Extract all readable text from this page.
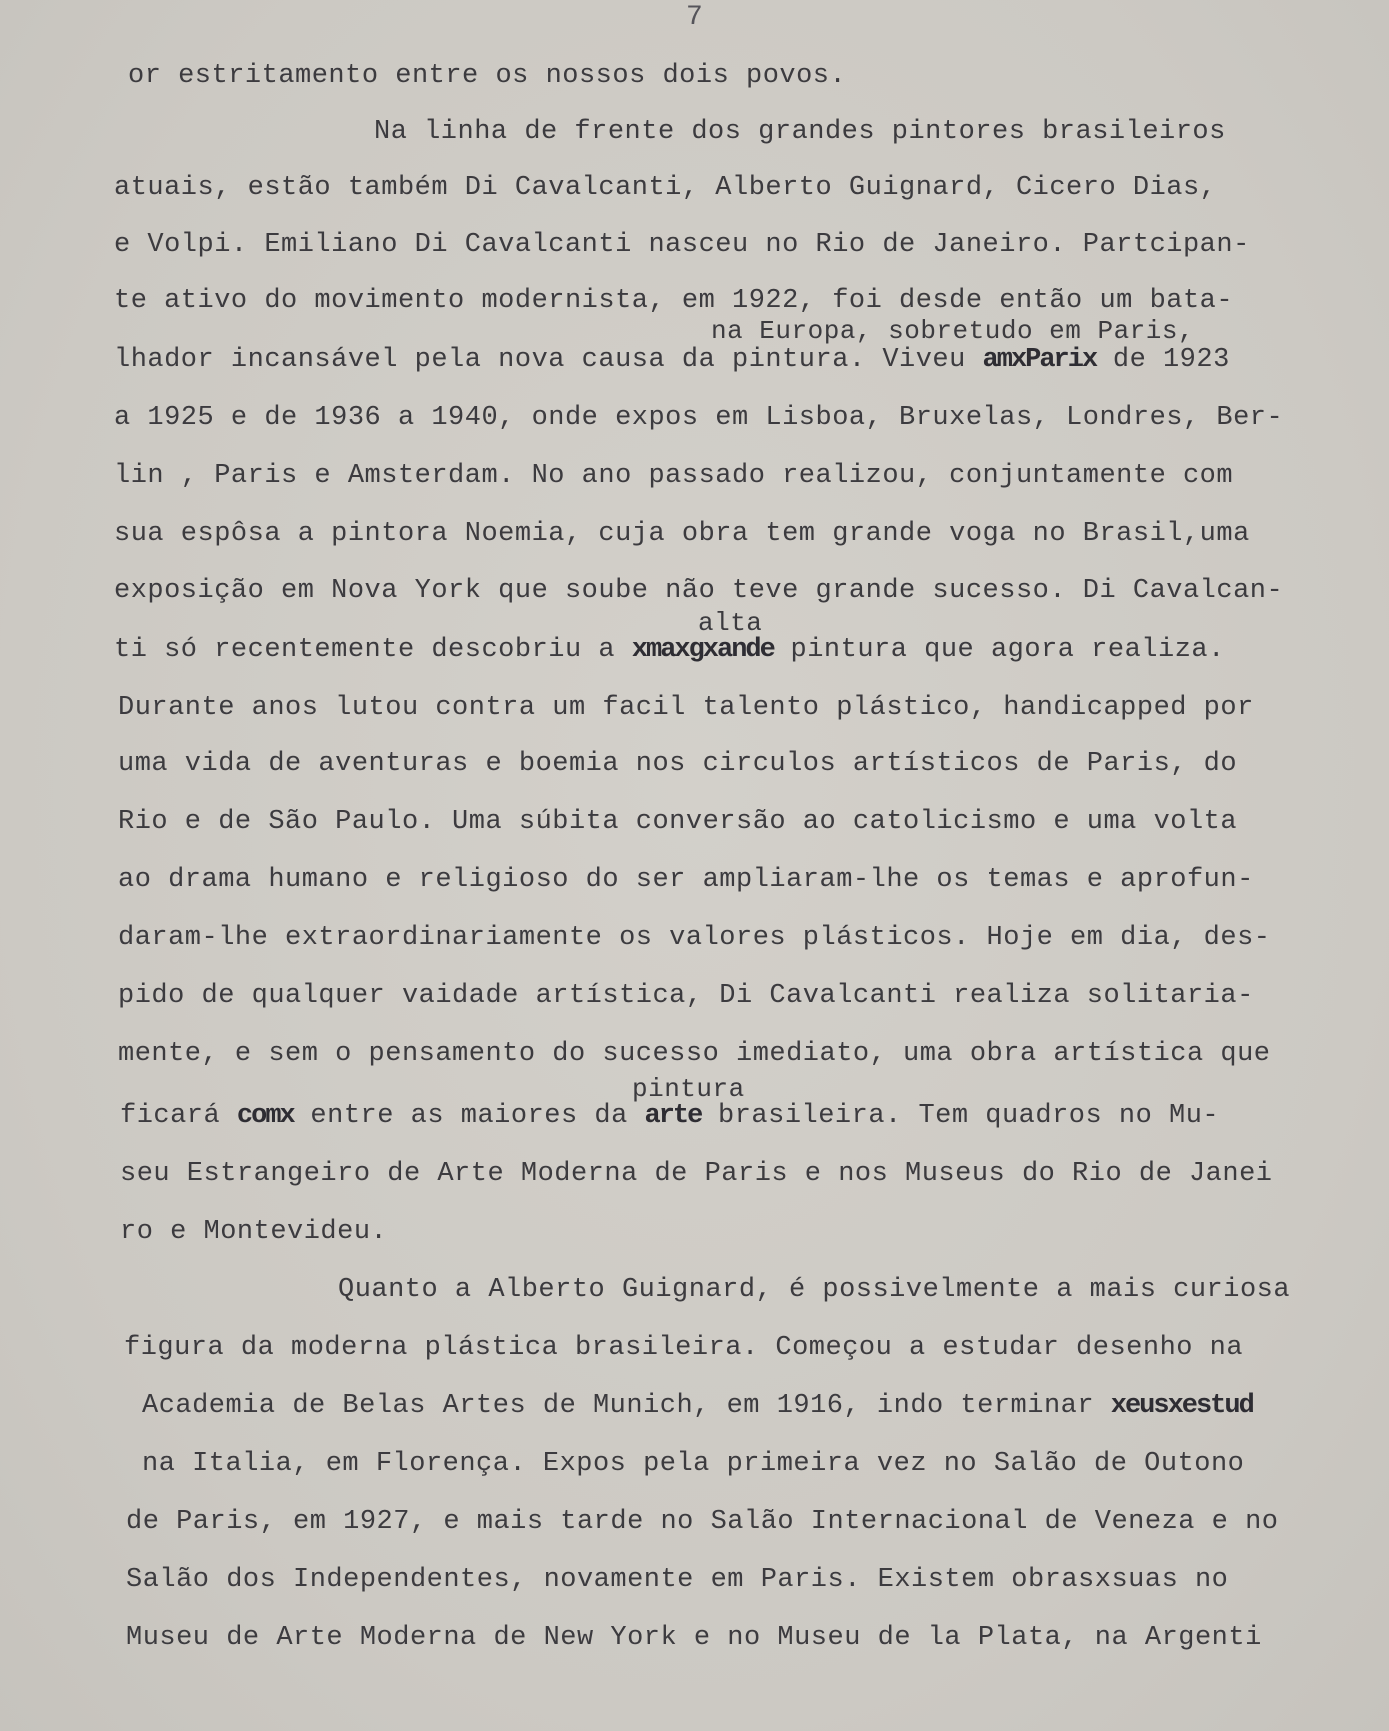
7
or estritamento entre os nossos dois povos.
Na linha de frente dos grandes pintores brasileiros
atuais, estão também Di Cavalcanti, Alberto Guignard, Cicero Dias,
e Volpi. Emiliano Di Cavalcanti nasceu no Rio de Janeiro. Partcipan-
te ativo do movimento modernista, em 1922, foi desde então um bata-
na Europa, sobretudo em Paris,
lhador incansável pela nova causa da pintura. Viveu amxParix de 1923
a 1925 e de 1936 a 1940, onde expos em Lisboa, Bruxelas, Londres, Ber-
lin , Paris e Amsterdam. No ano passado realizou, conjuntamente com
sua espôsa a pintora Noemia, cuja obra tem grande voga no Brasil,uma
exposição em Nova York que soube não teve grande sucesso. Di Cavalcan-
alta
ti só recentemente descobriu a xmaxgxande pintura que agora realiza.
Durante anos lutou contra um facil talento plástico, handicapped por
uma vida de aventuras e boemia nos circulos artísticos de Paris, do
Rio e de São Paulo. Uma súbita conversão ao catolicismo e uma volta
ao drama humano e religioso do ser ampliaram-lhe os temas e aprofun-
daram-lhe extraordinariamente os valores plásticos. Hoje em dia, des-
pido de qualquer vaidade artística, Di Cavalcanti realiza solitaria-
mente, e sem o pensamento do sucesso imediato, uma obra artística que
pintura
ficará comx entre as maiores da arte brasileira. Tem quadros no Mu-
seu Estrangeiro de Arte Moderna de Paris e nos Museus do Rio de Janei
ro e Montevideu.
Quanto a Alberto Guignard, é possivelmente a mais curiosa
figura da moderna plástica brasileira. Começou a estudar desenho na
Academia de Belas Artes de Munich, em 1916, indo terminar xeusxestud
na Italia, em Florença. Expos pela primeira vez no Salão de Outono
de Paris, em 1927, e mais tarde no Salão Internacional de Veneza e no
Salão dos Independentes, novamente em Paris. Existem obrasxsuas no
Museu de Arte Moderna de New York e no Museu de la Plata, na Argenti
